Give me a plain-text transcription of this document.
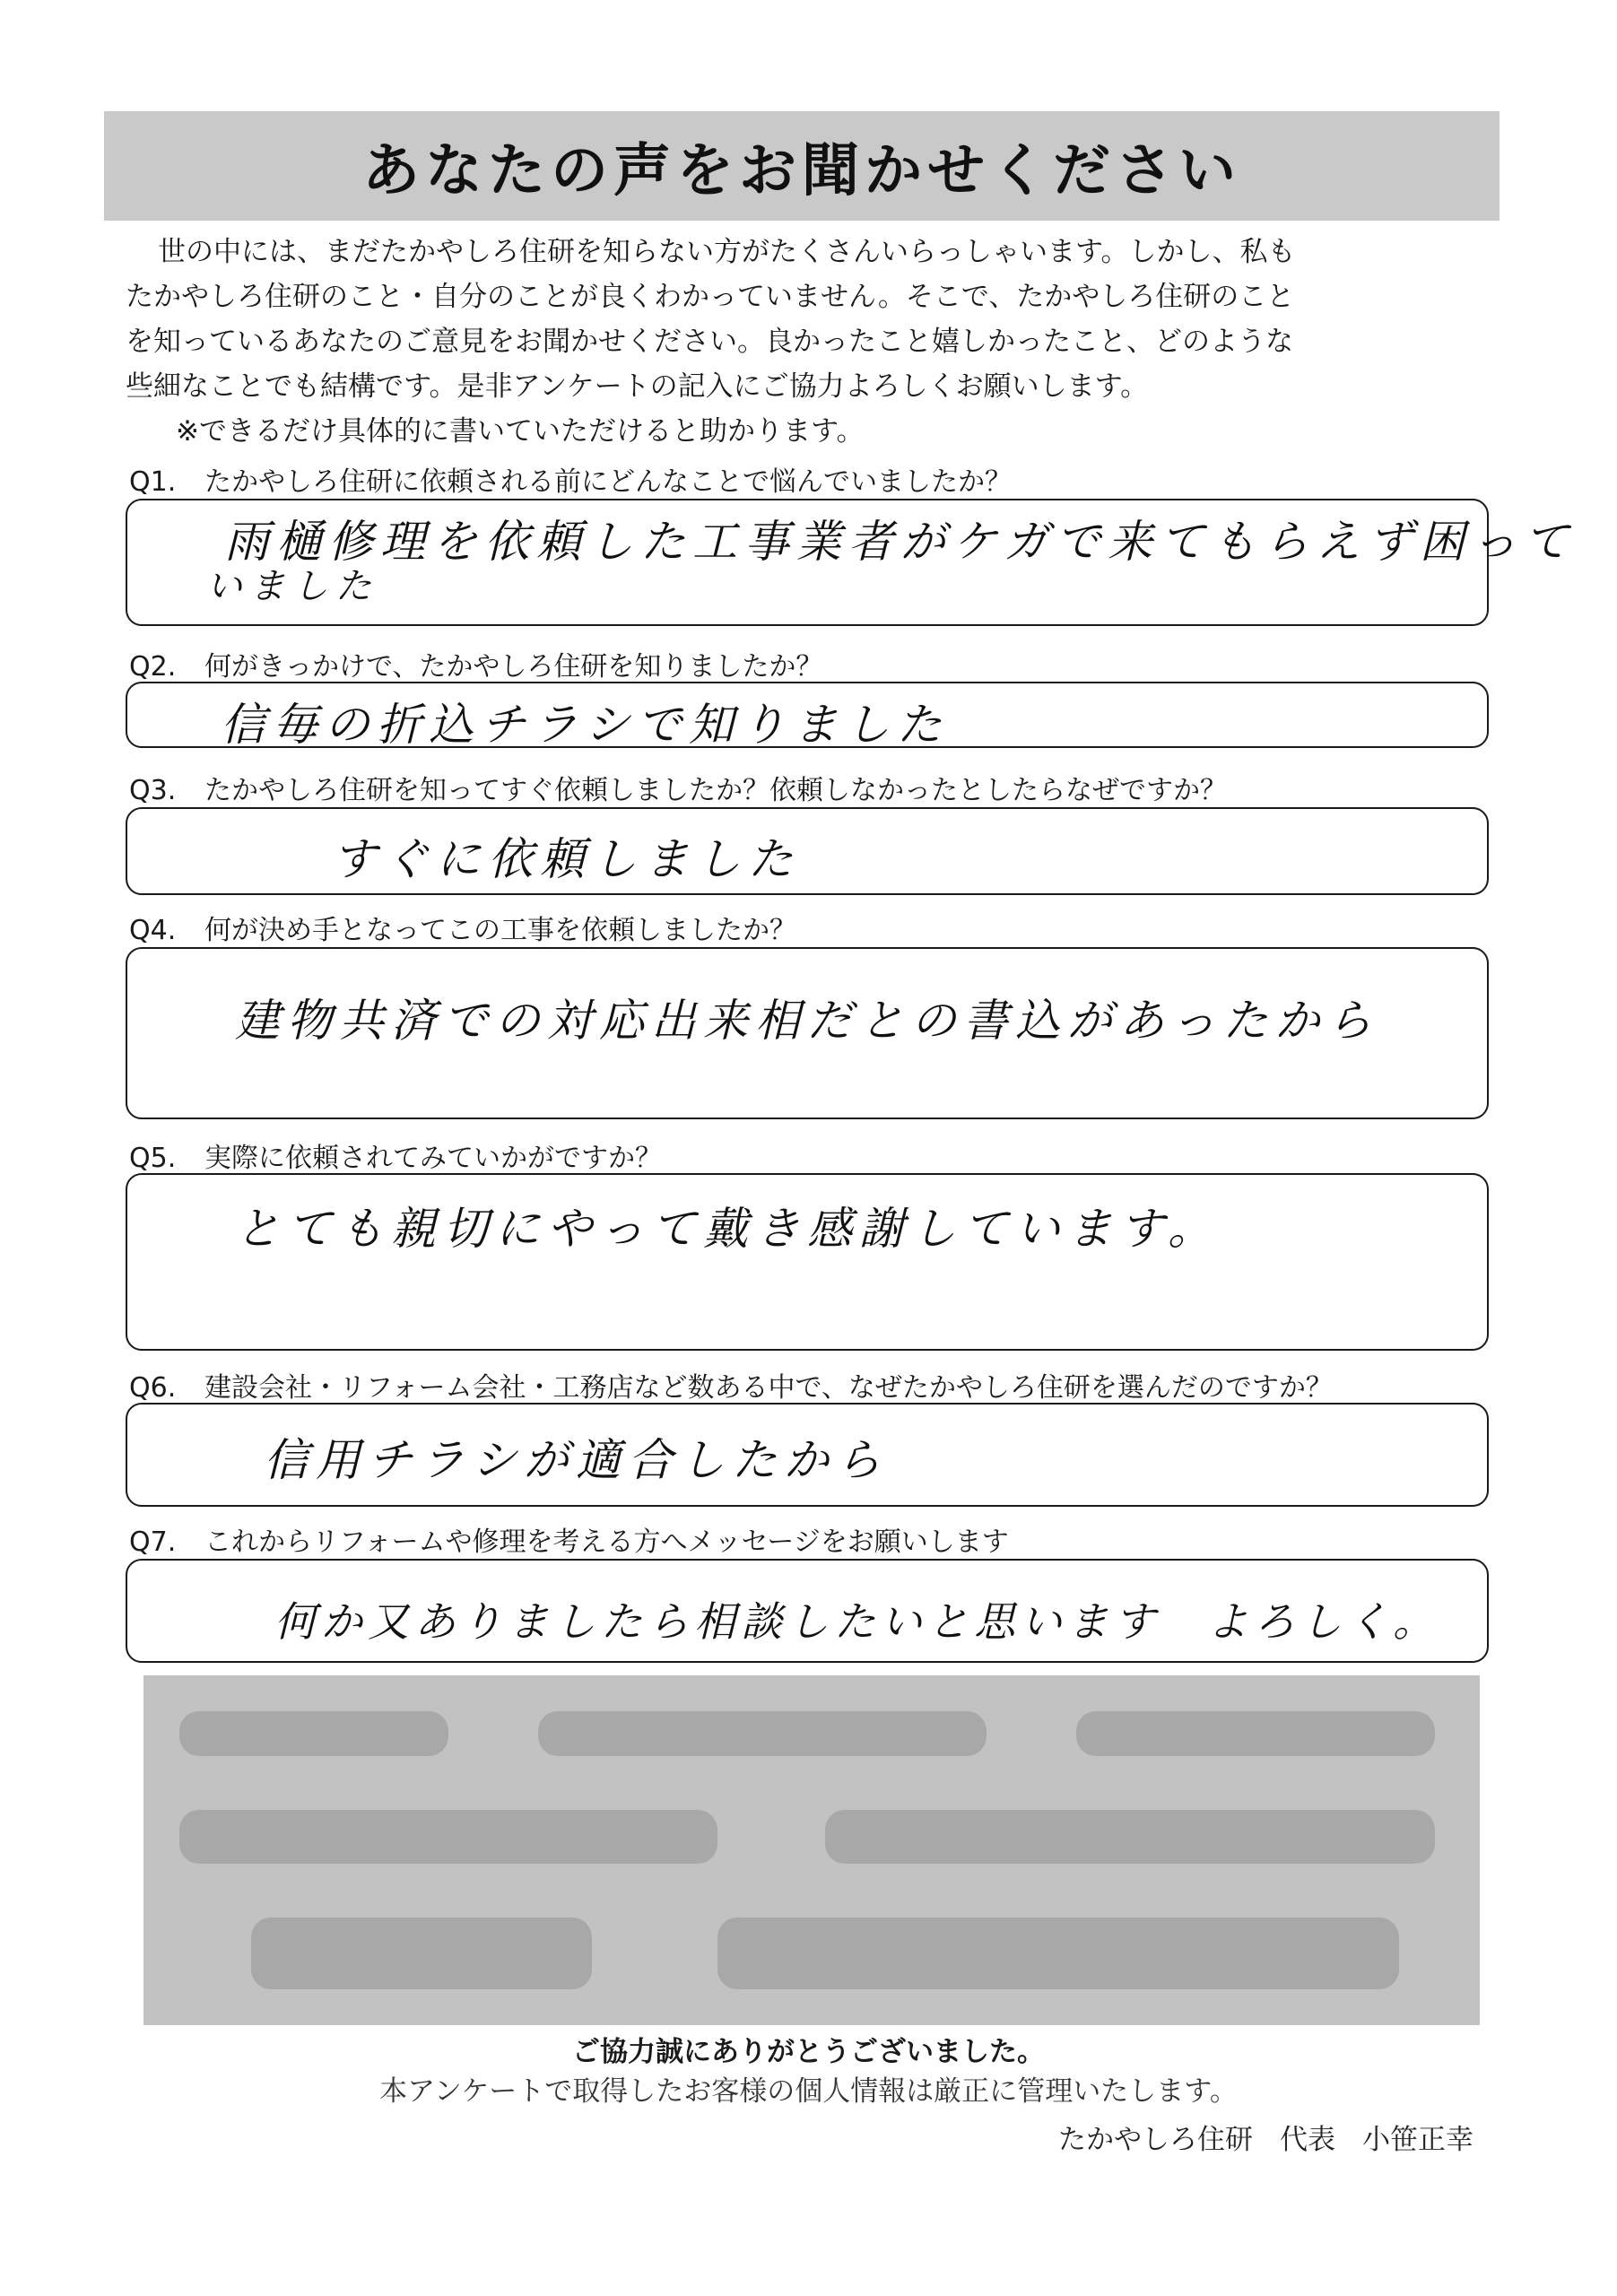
あなたの声をお聞かせください
世の中には、まだたかやしろ住研を知らない方がたくさんいらっしゃいます。しかし、私も
たかやしろ住研のこと・自分のことが良くわかっていません。そこで、たかやしろ住研のこと
を知っているあなたのご意見をお聞かせください。良かったこと嬉しかったこと、どのような
些細なことでも結構です。是非アンケートの記入にご協力よろしくお願いします。
※できるだけ具体的に書いていただけると助かります。
Q1. たかやしろ住研に依頼される前にどんなことで悩んでいましたか？
雨樋修理を依頼した工事業者がケガで来てもらえず困って
いました
Q2. 何がきっかけで、たかやしろ住研を知りましたか？
信毎の折込チラシで知りました
Q3. たかやしろ住研を知ってすぐ依頼しましたか？依頼しなかったとしたらなぜですか？
すぐに依頼しました
Q4. 何が決め手となってこの工事を依頼しましたか？
建物共済での対応出来相だとの書込があったから
Q5. 実際に依頼されてみていかがですか？
とても親切にやって戴き感謝しています。
Q6. 建設会社・リフォーム会社・工務店など数ある中で、なぜたかやしろ住研を選んだのですか？
信用チラシが適合したから
Q7. これからリフォームや修理を考える方へメッセージをお願いします
何か又ありましたら相談したいと思います　よろしく。
ご協力誠にありがとうございました。
本アンケートで取得したお客様の個人情報は厳正に管理いたします。
たかやしろ住研 代表 小笹正幸
